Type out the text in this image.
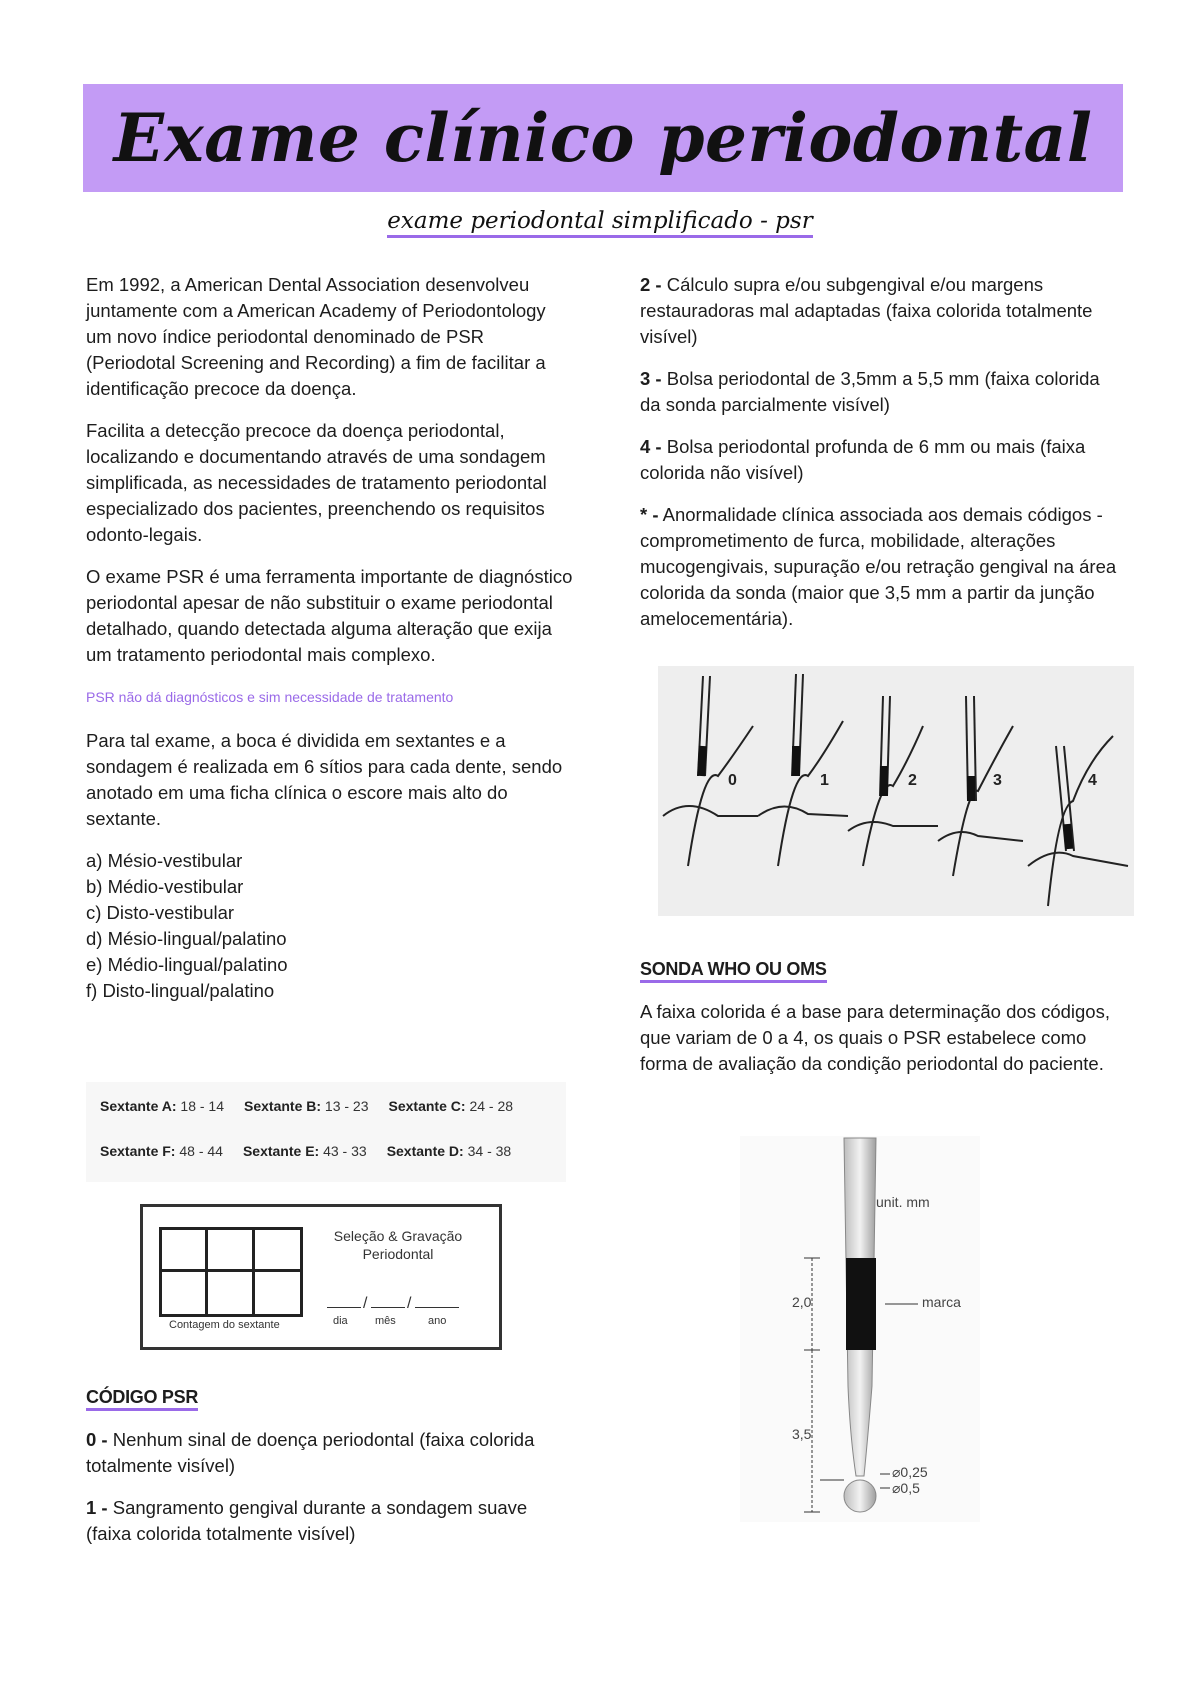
Exame clínico periodontal
exame periodontal simplificado - psr

Em 1992, a American Dental Association desenvolveu juntamente com a American Academy of Periodontology um novo índice periodontal denominado de PSR (Periodotal Screening and Recording) a fim de facilitar a identificação precoce da doença.

Facilita a detecção precoce da doença periodontal, localizando e documentando através de uma sondagem simplificada, as necessidades de tratamento periodontal especializado dos pacientes, preenchendo os requisitos odonto-legais.

O exame PSR é uma ferramenta importante de diagnóstico periodontal apesar de não substituir o exame periodontal detalhado, quando detectada alguma alteração que exija um tratamento periodontal mais complexo.

PSR não dá diagnósticos e sim necessidade de tratamento

Para tal exame, a boca é dividida em sextantes e a sondagem é realizada em 6 sítios para cada dente, sendo anotado em uma ficha clínica o escore mais alto do sextante.

a) Mésio-vestibular
b) Médio-vestibular
c) Disto-vestibular
d) Mésio-lingual/palatino
e) Médio-lingual/palatino
f) Disto-lingual/palatino
Sextante A: 18 - 14 Sextante B: 13 - 23 Sextante C: 24 - 28
Sextante F: 48 - 44 Sextante E: 43 - 33 Sextante D: 34 - 38
Contagem do sextante
Seleção & Gravação Periodontal
/ /
dia mês	ano
CÓDIGO PSR

0 - Nenhum sinal de doença periodontal (faixa colorida totalmente visível)

1 - Sangramento gengival durante a sondagem suave (faixa colorida totalmente visível)

2 - Cálculo supra e/ou subgengival e/ou margens restauradoras mal adaptadas (faixa colorida totalmente visível)

3 - Bolsa periodontal de 3,5mm a 5,5 mm (faixa colorida da sonda parcialmente visível)

4 - Bolsa periodontal profunda de 6 mm ou mais (faixa colorida não visível)

* - Anormalidade clínica associada aos demais códigos - comprometimento de furca, mobilidade, alterações mucogengivais, supuração e/ou retração gengival na área colorida da sonda (maior que 3,5 mm a partir da junção amelocementária).

0	1	2	3	4
SONDA WHO OU OMS

A faixa colorida é a base para determinação dos códigos, que variam de 0 a 4, os quais o PSR estabelece como forma de avaliação da condição periodontal do paciente.

unit. mm
2,0	marca
3,5
⌀0,25
⌀0,5
